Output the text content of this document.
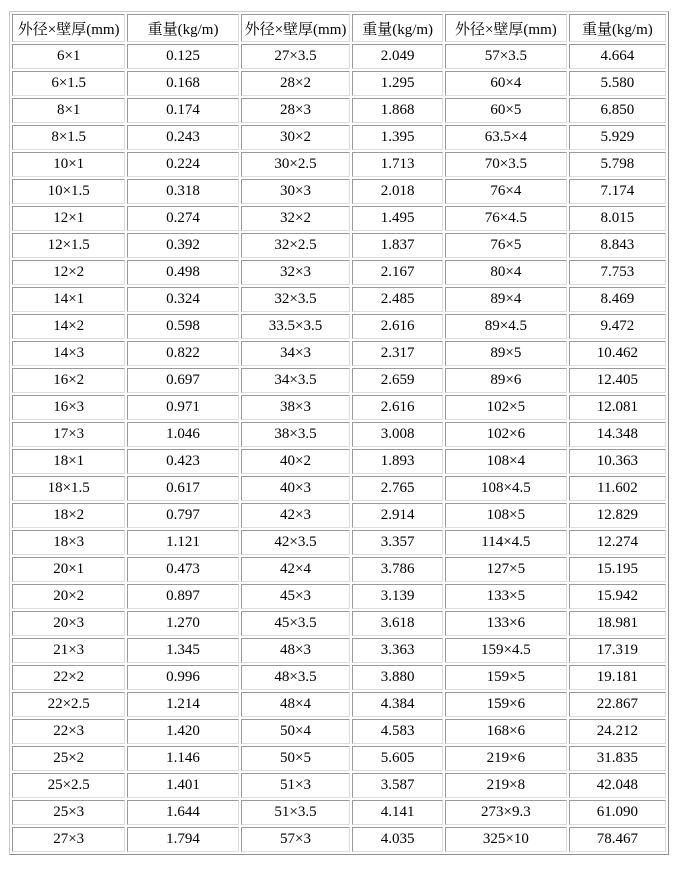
外径×壁厚(mm)	重量(kg/m)	外径×壁厚(mm)	重量(kg/m)	外径×壁厚(mm)	重量(kg/m)
6×1	0.125	27×3.5	2.049	57×3.5	4.664
6×1.5	0.168	28×2	1.295	60×4	5.580
8×1	0.174	28×3	1.868	60×5	6.850
8×1.5	0.243	30×2	1.395	63.5×4	5.929
10×1	0.224	30×2.5	1.713	70×3.5	5.798
10×1.5	0.318	30×3	2.018	76×4	7.174
12×1	0.274	32×2	1.495	76×4.5	8.015
12×1.5	0.392	32×2.5	1.837	76×5	8.843
12×2	0.498	32×3	2.167	80×4	7.753
14×1	0.324	32×3.5	2.485	89×4	8.469
14×2	0.598	33.5×3.5	2.616	89×4.5	9.472
14×3	0.822	34×3	2.317	89×5	10.462
16×2	0.697	34×3.5	2.659	89×6	12.405
16×3	0.971	38×3	2.616	102×5	12.081
17×3	1.046	38×3.5	3.008	102×6	14.348
18×1	0.423	40×2	1.893	108×4	10.363
18×1.5	0.617	40×3	2.765	108×4.5	11.602
18×2	0.797	42×3	2.914	108×5	12.829
18×3	1.121	42×3.5	3.357	114×4.5	12.274
20×1	0.473	42×4	3.786	127×5	15.195
20×2	0.897	45×3	3.139	133×5	15.942
20×3	1.270	45×3.5	3.618	133×6	18.981
21×3	1.345	48×3	3.363	159×4.5	17.319
22×2	0.996	48×3.5	3.880	159×5	19.181
22×2.5	1.214	48×4	4.384	159×6	22.867
22×3	1.420	50×4	4.583	168×6	24.212
25×2	1.146	50×5	5.605	219×6	31.835
25×2.5	1.401	51×3	3.587	219×8	42.048
25×3	1.644	51×3.5	4.141	273×9.3	61.090
27×3	1.794	57×3	4.035	325×10	78.467
